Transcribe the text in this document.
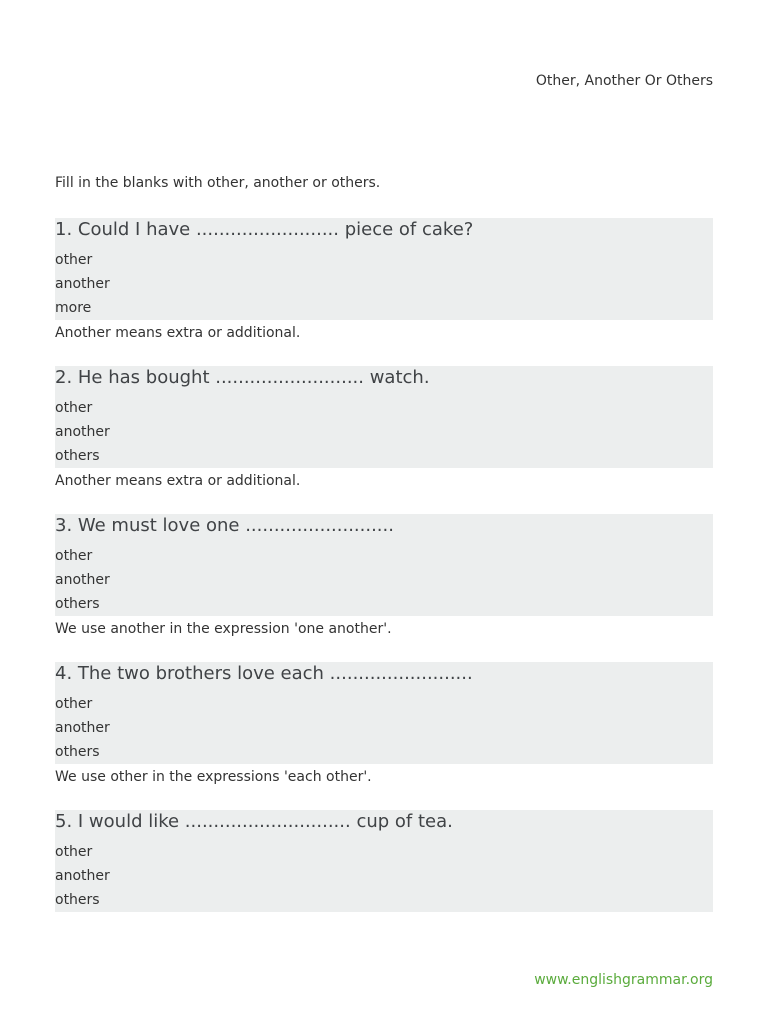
Other, Another Or Others
Fill in the blanks with other, another or others.
1. Could I have ......................... piece of cake?
other
another
more
Another means extra or additional.
2. He has bought .......................... watch.
other
another
others
Another means extra or additional.
3. We must love one ..........................
other
another
others
We use another in the expression 'one another'.
4. The two brothers love each .........................
other
another
others
We use other in the expressions 'each other'.
5. I would like ............................. cup of tea.
other
another
others
www.englishgrammar.org
